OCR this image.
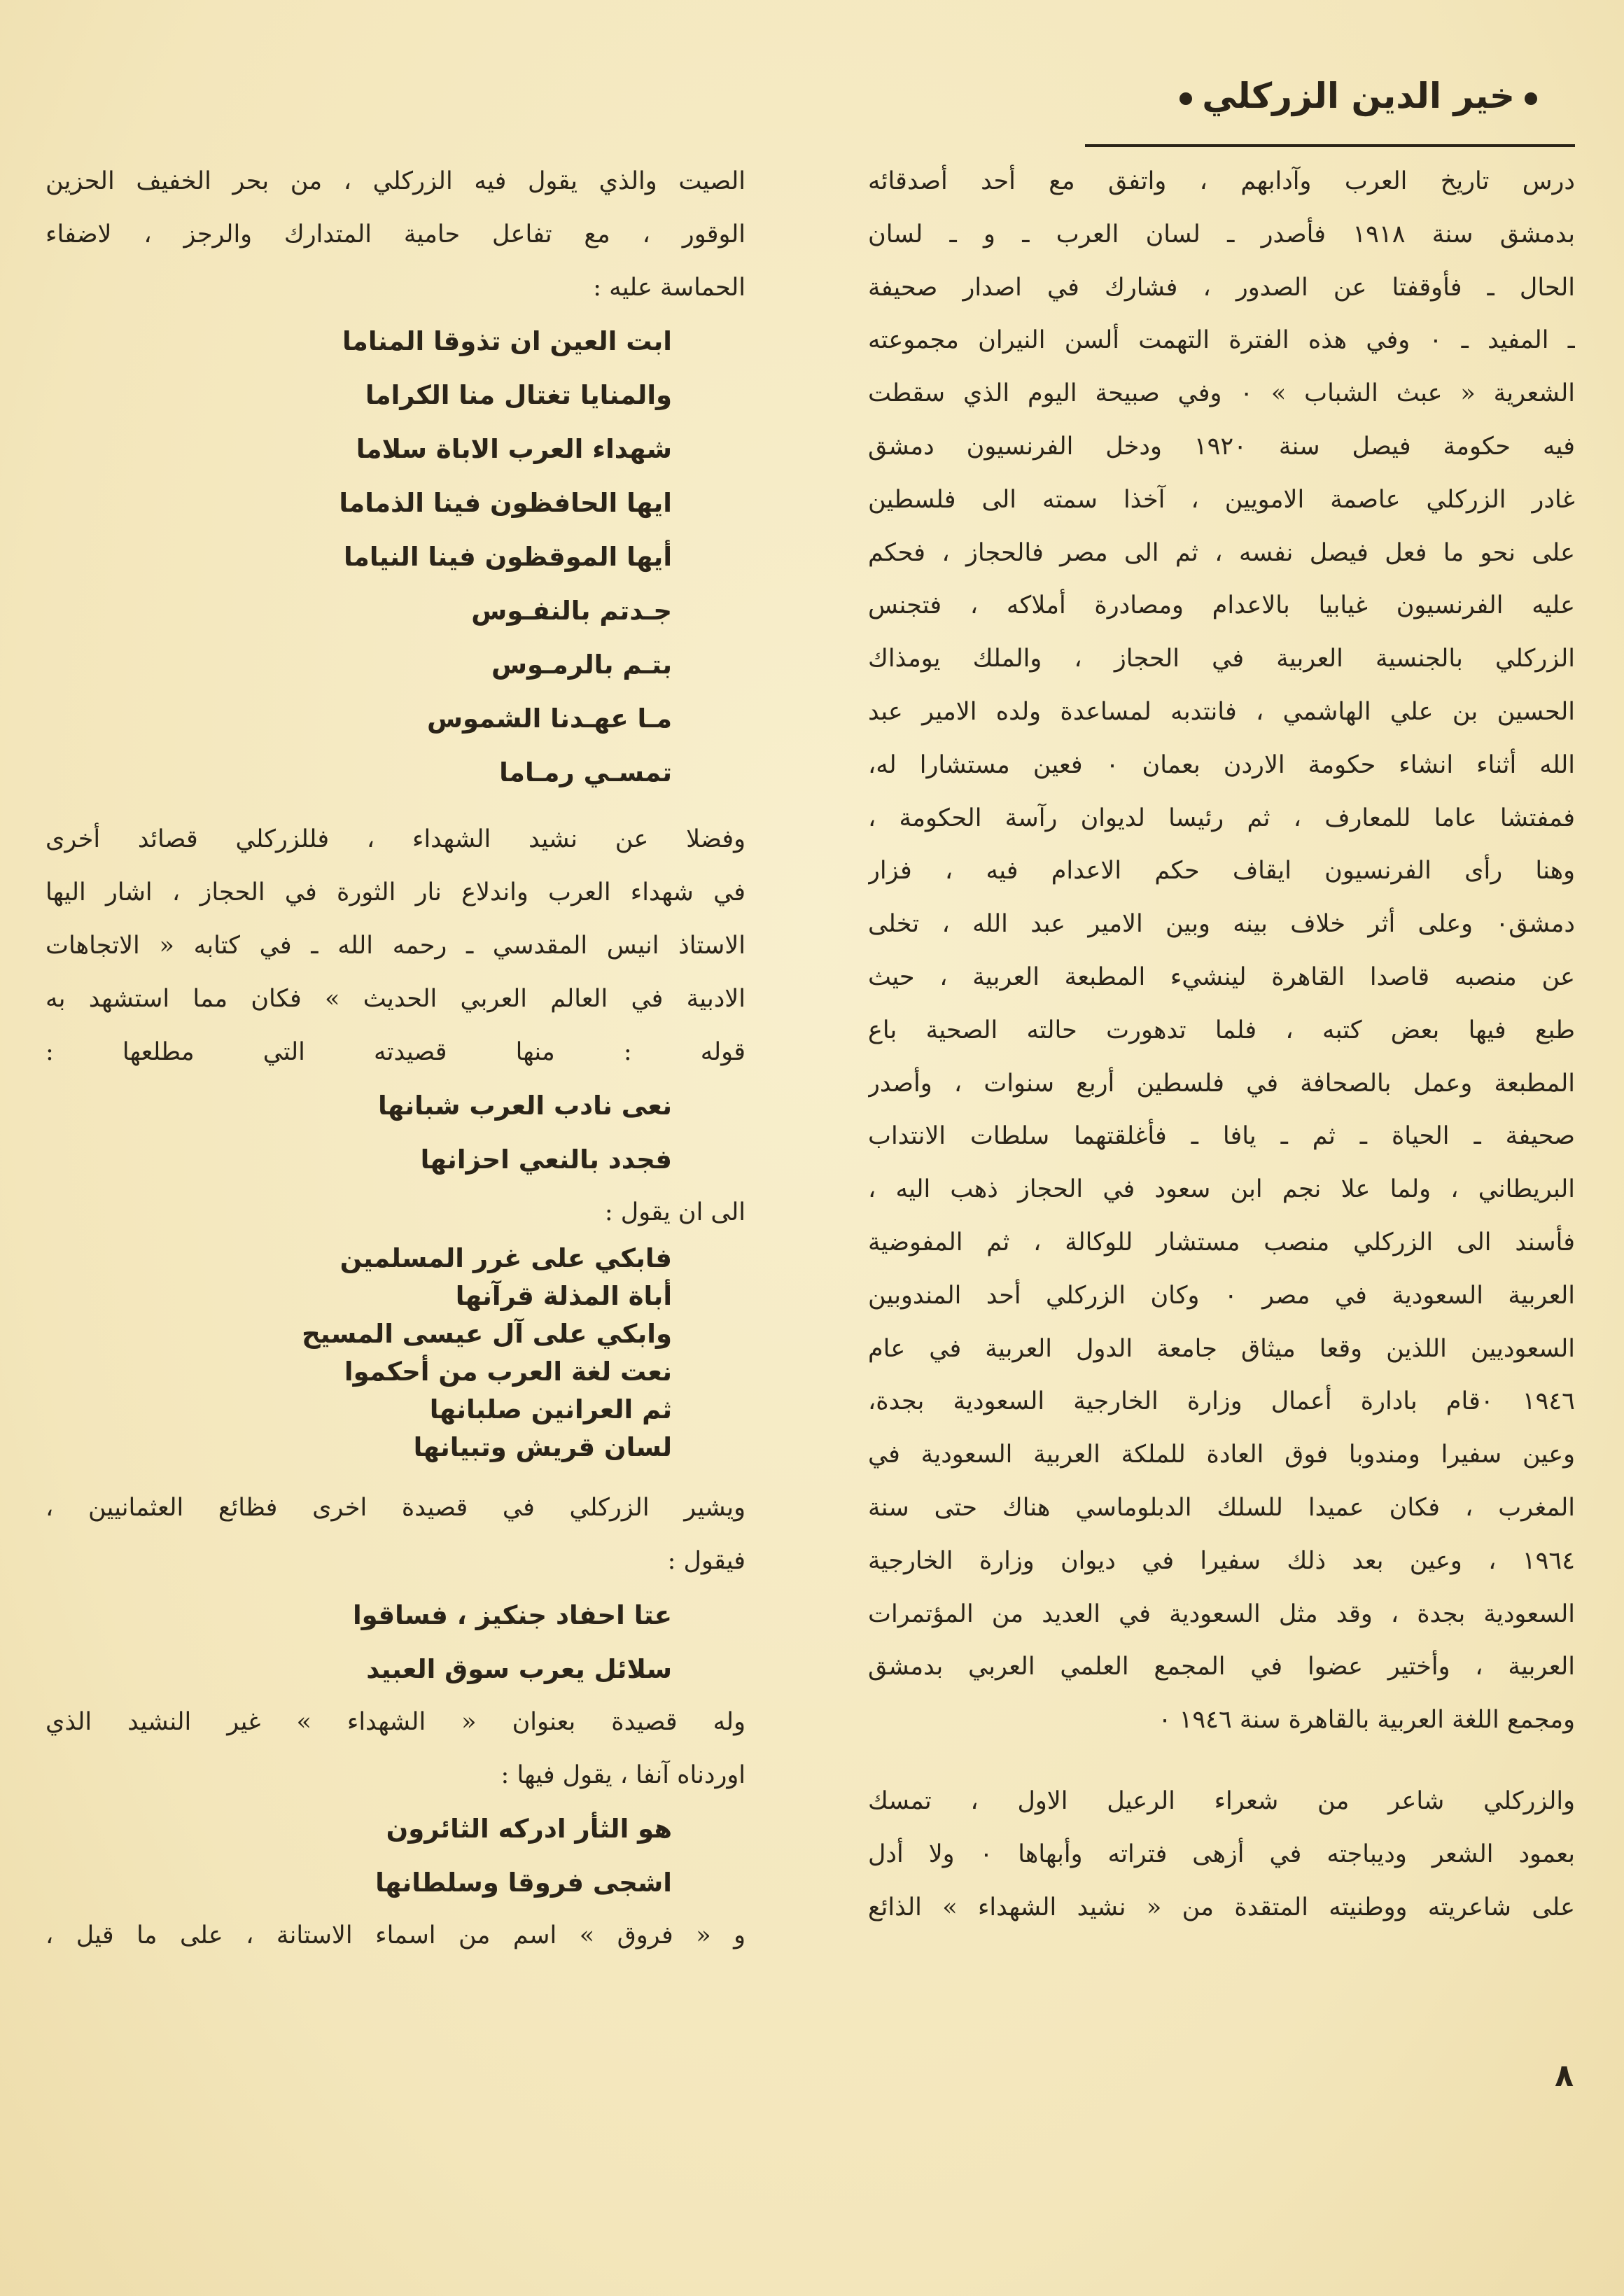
خير الدين الزركلي
درس تاريخ العرب وآدابهم ، واتفق مع أحد أصدقائه
بدمشق سنة ١٩١٨ فأصدر ـ لسان العرب ـ و ـ لسان
الحال ـ فأوقفتا عن الصدور ، فشارك في اصدار صحيفة
ـ المفيد ـ ٠ وفي هذه الفترة التهمت ألسن النيران مجموعته
الشعرية « عبث الشباب » ٠ وفي صبيحة اليوم الذي سقطت
فيه حكومة فيصل سنة ١٩٢٠ ودخل الفرنسيون دمشق
غادر الزركلي عاصمة الامويين ، آخذا سمته الى فلسطين
على نحو ما فعل فيصل نفسه ، ثم الى مصر فالحجاز ، فحكم
عليه الفرنسيون غيابيا بالاعدام ومصادرة أملاكه ، فتجنس
الزركلي بالجنسية العربية في الحجاز ، والملك يومذاك
الحسين بن علي الهاشمي ، فانتدبه لمساعدة ولده الامير عبد
الله أثناء انشاء حكومة الاردن بعمان ٠ فعين مستشارا له،
فمفتشا عاما للمعارف ، ثم رئيسا لديوان رآسة الحكومة ،
وهنا رأى الفرنسيون ايقاف حكم الاعدام فيه ، فزار
دمشق٠ وعلى أثر خلاف بينه وبين الامير عبد الله ، تخلى
عن منصبه قاصدا القاهرة لينشيء المطبعة العربية ، حيث
طبع فيها بعض كتبه ، فلما تدهورت حالته الصحية باع
المطبعة وعمل بالصحافة في فلسطين أربع سنوات ، وأصدر
صحيفة ـ الحياة ـ ثم ـ يافا ـ فأغلقتهما سلطات الانتداب
البريطاني ، ولما علا نجم ابن سعود في الحجاز ذهب اليه ،
فأسند الى الزركلي منصب مستشار للوكالة ، ثم المفوضية
العربية السعودية في مصر ٠ وكان الزركلي أحد المندوبين
السعوديين اللذين وقعا ميثاق جامعة الدول العربية في عام
١٩٤٦ ٠قام بادارة أعمال وزارة الخارجية السعودية بجدة،
وعين سفيرا ومندوبا فوق العادة للملكة العربية السعودية في
المغرب ، فكان عميدا للسلك الدبلوماسي هناك حتى سنة
١٩٦٤ ، وعين بعد ذلك سفيرا في ديوان وزارة الخارجية
السعودية بجدة ، وقد مثل السعودية في العديد من المؤتمرات
العربية ، وأختير عضوا في المجمع العلمي العربي بدمشق
ومجمع اللغة العربية بالقاهرة سنة ١٩٤٦ ٠
والزركلي شاعر من شعراء الرعيل الاول ، تمسك
بعمود الشعر وديباجته في أزهى فتراته وأبهاها ٠ ولا أدل
على شاعريته ووطنيته المتقدة من « نشيد الشهداء » الذائع
الصيت والذي يقول فيه الزركلي ، من بحر الخفيف الحزين
الوقور ، مع تفاعل حامية المتدارك والرجز ، لاضفاء
الحماسة عليه :
ابت العين ان تذوقا المناما
والمنايا تغتال منا الكراما
شهداء العرب الاباة سلاما
ايها الحافظون فينا الذماما
أيها الموقظون فينا النياما
جـدتم بالنفـوس
بتـم بالرمـوس
مـا عهـدنا الشموس
تمسـي رمـاما
وفضلا عن نشيد الشهداء ، فللزركلي قصائد أخرى
في شهداء العرب واندلاع نار الثورة في الحجاز ، اشار اليها
الاستاذ انيس المقدسي ـ رحمه الله ـ في كتابه « الاتجاهات
الادبية في العالم العربي الحديث » فكان مما استشهد به
قوله : منها قصيدته التي مطلعها :
نعى نادب العرب شبانها
فجدد بالنعي احزانها
الى ان يقول :
فابكي على غرر المسلمين
أباة المذلة قرآنها
وابكي على آل عيسى المسيح
نعت لغة العرب من أحكموا
ثم العرانين صلبانها
لسان قريش وتبيانها
ويشير الزركلي في قصيدة اخرى فظائع العثمانيين ،
فيقول :
عتا احفاد جنكيز ، فساقوا
سلائل يعرب سوق العبيد
وله قصيدة بعنوان « الشهداء » غير النشيد الذي
اوردناه آنفا ، يقول فيها :
هو الثأر ادركه الثائرون
اشجى فروقا وسلطانها
و « فروق » اسم من اسماء الاستانة ، على ما قيل ،
٨
